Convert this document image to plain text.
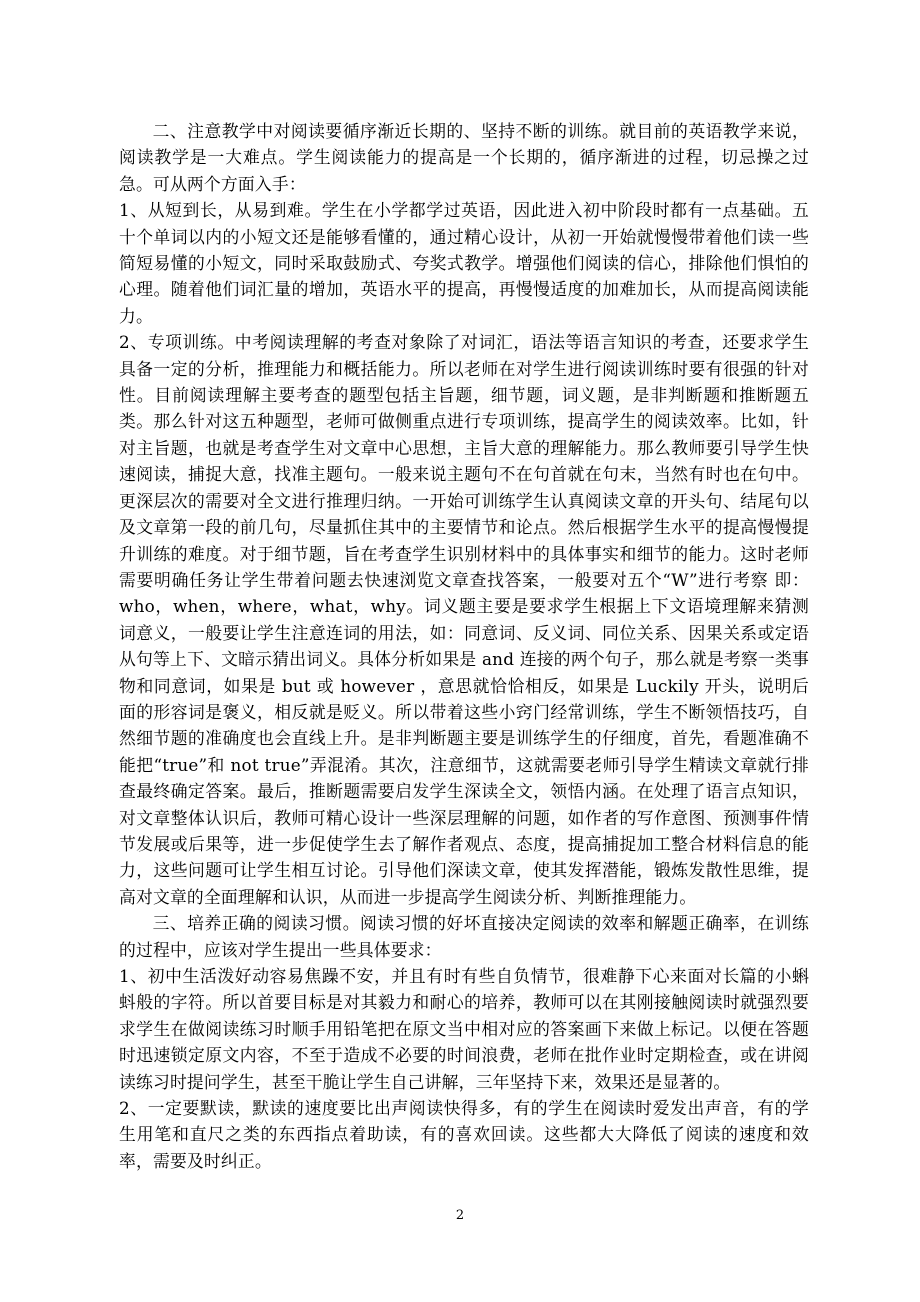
二、注意教学中对阅读要循序渐近长期的、坚持不断的训练。就目前的英语教学来说，阅读教学是一大难点。学生阅读能力的提高是一个长期的，循序渐进的过程，切忌操之过急。可从两个方面入手：

1、从短到长，从易到难。学生在小学都学过英语，因此进入初中阶段时都有一点基础。五十个单词以内的小短文还是能够看懂的，通过精心设计，从初一开始就慢慢带着他们读一些简短易懂的小短文，同时采取鼓励式、夸奖式教学。增强他们阅读的信心，排除他们惧怕的心理。随着他们词汇量的增加，英语水平的提高，再慢慢适度的加难加长，从而提高阅读能力。

2、专项训练。中考阅读理解的考查对象除了对词汇，语法等语言知识的考查，还要求学生具备一定的分析，推理能力和概括能力。所以老师在对学生进行阅读训练时要有很强的针对性。目前阅读理解主要考查的题型包括主旨题，细节题，词义题，是非判断题和推断题五类。那么针对这五种题型，老师可做侧重点进行专项训练，提高学生的阅读效率。比如，针对主旨题，也就是考查学生对文章中心思想，主旨大意的理解能力。那么教师要引导学生快速阅读，捕捉大意，找准主题句。一般来说主题句不在句首就在句末，当然有时也在句中。更深层次的需要对全文进行推理归纳。一开始可训练学生认真阅读文章的开头句、结尾句以及文章第一段的前几句，尽量抓住其中的主要情节和论点。然后根据学生水平的提高慢慢提升训练的难度。对于细节题，旨在考查学生识别材料中的具体事实和细节的能力。这时老师需要明确任务让学生带着问题去快速浏览文章查找答案，一般要对五个“W”进行考察 即：who，when，where，what，why。词义题主要是要求学生根据上下文语境理解来猜测词意义，一般要让学生注意连词的用法，如：同意词、反义词、同位关系、因果关系或定语从句等上下、文暗示猜出词义。具体分析如果是 and 连接的两个句子，那么就是考察一类事物和同意词，如果是 but 或 however ，意思就恰恰相反，如果是 Luckily 开头，说明后面的形容词是褒义，相反就是贬义。所以带着这些小窍门经常训练，学生不断领悟技巧，自然细节题的准确度也会直线上升。是非判断题主要是训练学生的仔细度，首先，看题准确不能把“true”和 not true”弄混淆。其次，注意细节，这就需要老师引导学生精读文章就行排查最终确定答案。最后，推断题需要启发学生深读全文，领悟内涵。在处理了语言点知识，对文章整体认识后，教师可精心设计一些深层理解的问题，如作者的写作意图、预测事件情节发展或后果等，进一步促使学生去了解作者观点、态度，提高捕捉加工整合材料信息的能力，这些问题可让学生相互讨论。引导他们深读文章，使其发挥潜能，锻炼发散性思维，提高对文章的全面理解和认识，从而进一步提高学生阅读分析、判断推理能力。

三、培养正确的阅读习惯。阅读习惯的好坏直接决定阅读的效率和解题正确率，在训练的过程中，应该对学生提出一些具体要求：

1、初中生活泼好动容易焦躁不安，并且有时有些自负情节，很难静下心来面对长篇的小蝌蚪般的字符。所以首要目标是对其毅力和耐心的培养，教师可以在其刚接触阅读时就强烈要求学生在做阅读练习时顺手用铅笔把在原文当中相对应的答案画下来做上标记。以便在答题时迅速锁定原文内容，不至于造成不必要的时间浪费，老师在批作业时定期检查，或在讲阅读练习时提问学生，甚至干脆让学生自己讲解，三年坚持下来，效果还是显著的。

2、一定要默读，默读的速度要比出声阅读快得多，有的学生在阅读时爱发出声音，有的学生用笔和直尺之类的东西指点着助读，有的喜欢回读。这些都大大降低了阅读的速度和效率，需要及时纠正。

2
